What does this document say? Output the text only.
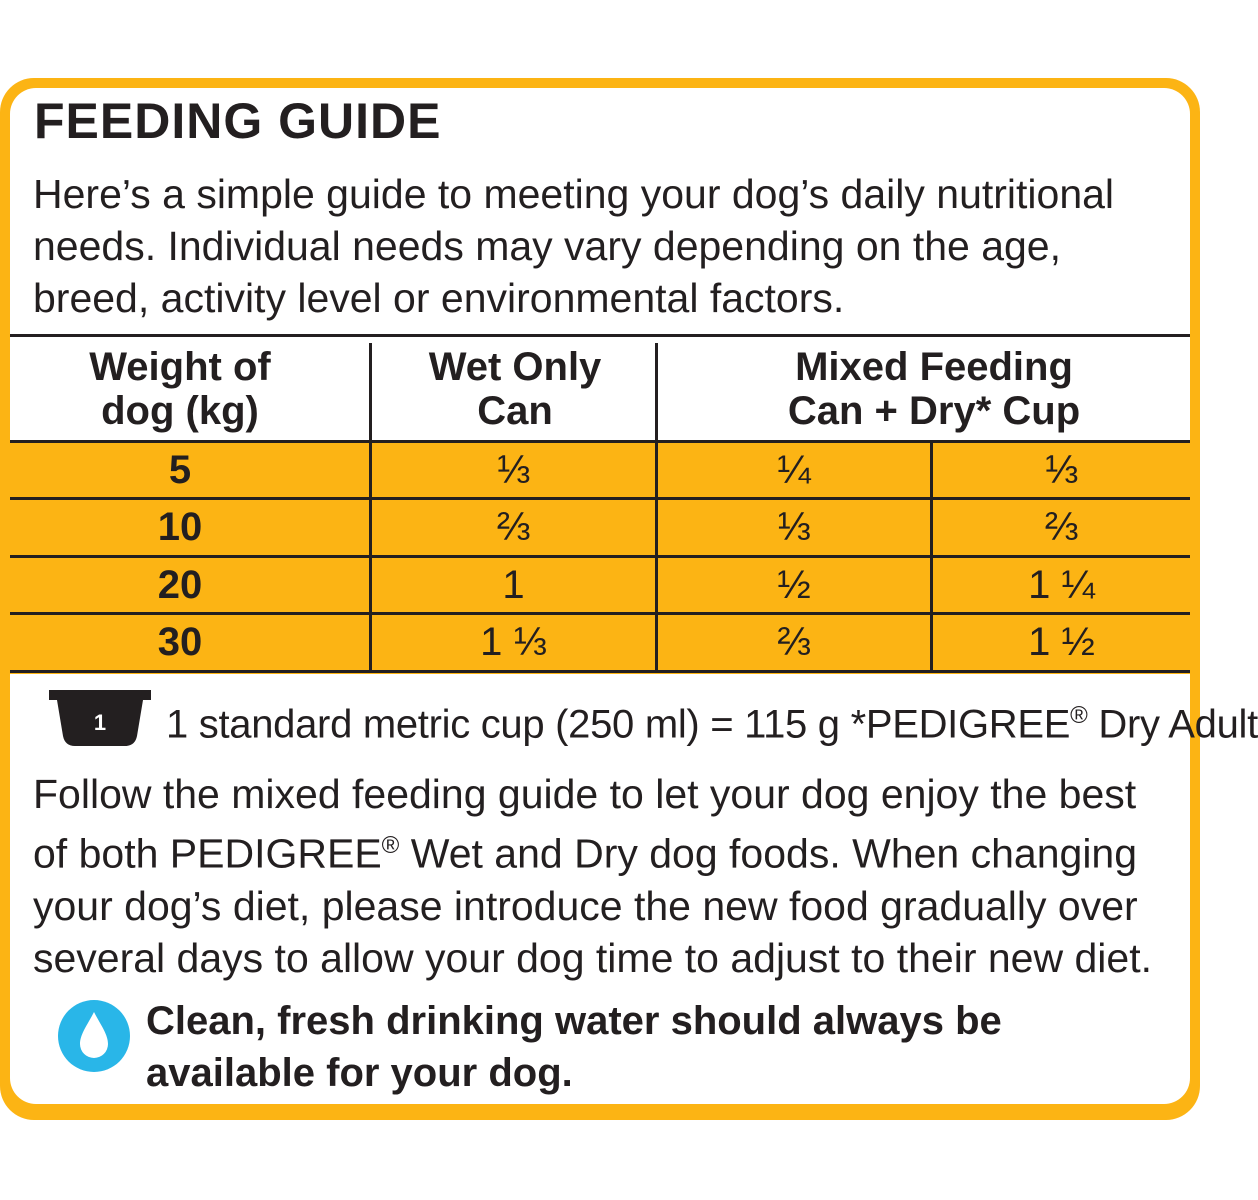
FEEDING GUIDE
Here’s a simple guide to meeting your dog’s daily nutritional needs. Individual needs may vary depending on the age, breed, activity level or environmental factors.
Weight of
dog (kg)
Wet Only
Can
Mixed Feeding
Can + Dry* Cup
5	⅓	¼	⅓
10	⅔	⅓	⅔
20	1	½	1 ¼
30	1 ⅓	⅔	1 ½
1 1 standard metric cup (250 ml) = 115 g *PEDIGREE® Dry Adult
Follow the mixed feeding guide to let your dog enjoy the best of both PEDIGREE® Wet and Dry dog foods. When changing your dog’s diet, please introduce the new food gradually over several days to allow your dog time to adjust to their new diet.
Clean, fresh drinking water should always be available for your dog.
